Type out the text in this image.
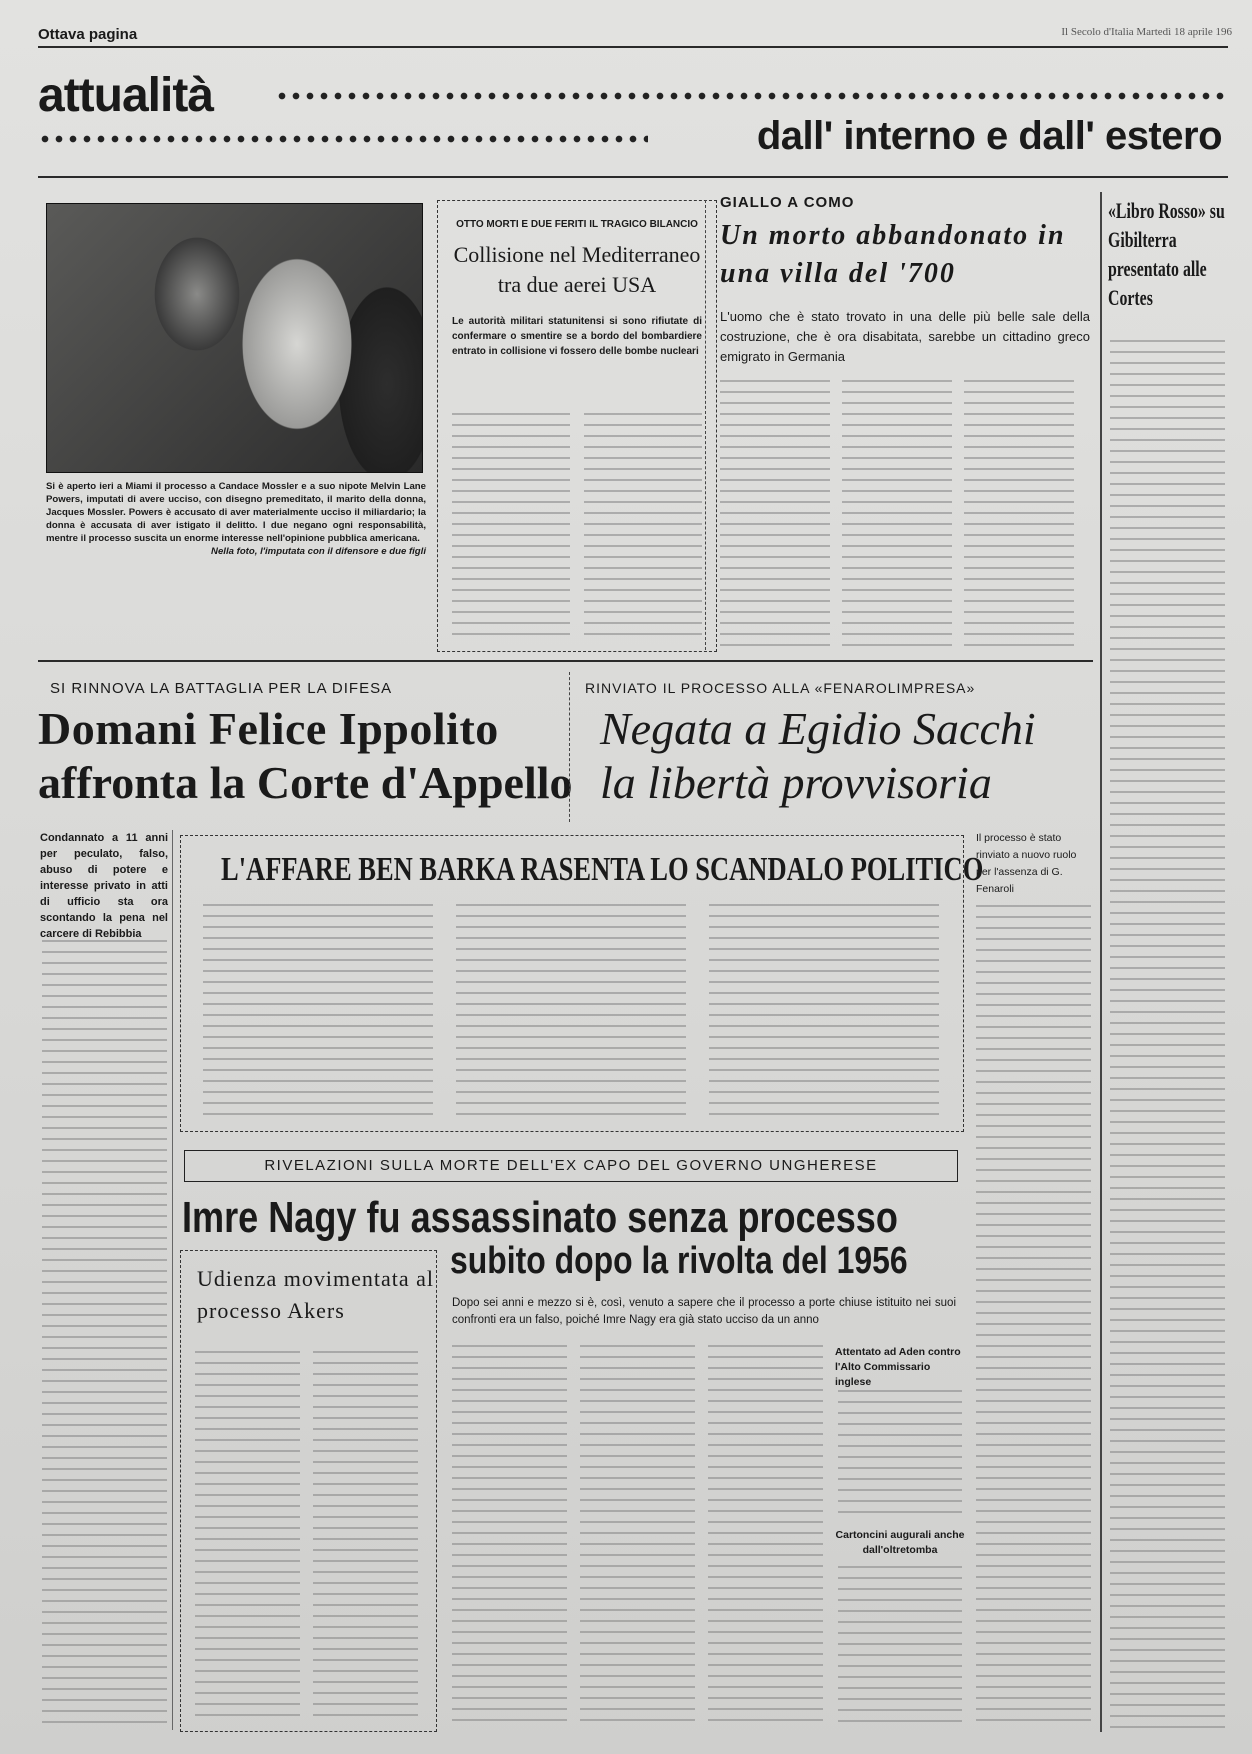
Ottava pagina	Il Secolo d'Italia Martedì 18 aprile 196
attualità
dall' interno e dall' estero
Si è aperto ieri a Miami il processo a Candace Mossler e a suo nipote Melvin Lane Powers, imputati di avere ucciso, con disegno premeditato, il marito della donna, Jacques Mossler. Powers è accusato di aver materialmente ucciso il miliardario; la donna è accusata di aver istigato il delitto. I due negano ogni responsabilità, mentre il processo suscita un enorme interesse nell'opinione pubblica americana.
Nella foto, l'imputata con il difensore e due figli
OTTO MORTI E DUE FERITI IL TRAGICO BILANCIO
Collisione nel Mediterraneo tra due aerei USA
Le autorità militari statunitensi si sono rifiutate di confermare o smentire se a bordo del bombardiere entrato in collisione vi fossero delle bombe nucleari
GIALLO A COMO
Un morto abbandonato in una villa del '700
L'uomo che è stato trovato in una delle più belle sale della costruzione, che è ora disabitata, sarebbe un cittadino greco emigrato in Germania
«Libro Rosso» su Gibilterra presentato alle Cortes
SI RINNOVA LA BATTAGLIA PER LA DIFESA
Domani Felice Ippolito
affronta la Corte d'Appello
RINVIATO IL PROCESSO ALLA «FENAROLIMPRESA»
Negata a Egidio Sacchi
la libertà provvisoria
Condannato a 11 anni per peculato, falso, abuso di potere e interesse privato in atti di ufficio sta ora scontando la pena nel carcere di Rebibbia
L'AFFARE BEN BARKA RASENTA LO SCANDALO POLITICO
Il processo è stato rinviato a nuovo ruolo per l'assenza di G. Fenaroli
RIVELAZIONI SULLA MORTE DELL'EX CAPO DEL GOVERNO UNGHERESE
Imre Nagy fu assassinato senza processo
subito dopo la rivolta del 1956
Dopo sei anni e mezzo si è, così, venuto a sapere che il processo a porte chiuse istituito nei suoi confronti era un falso, poiché Imre Nagy era già stato ucciso da un anno
Udienza movimentata al processo Akers
Attentato ad Aden contro l'Alto Commissario inglese
Cartoncini augurali anche dall'oltretomba
